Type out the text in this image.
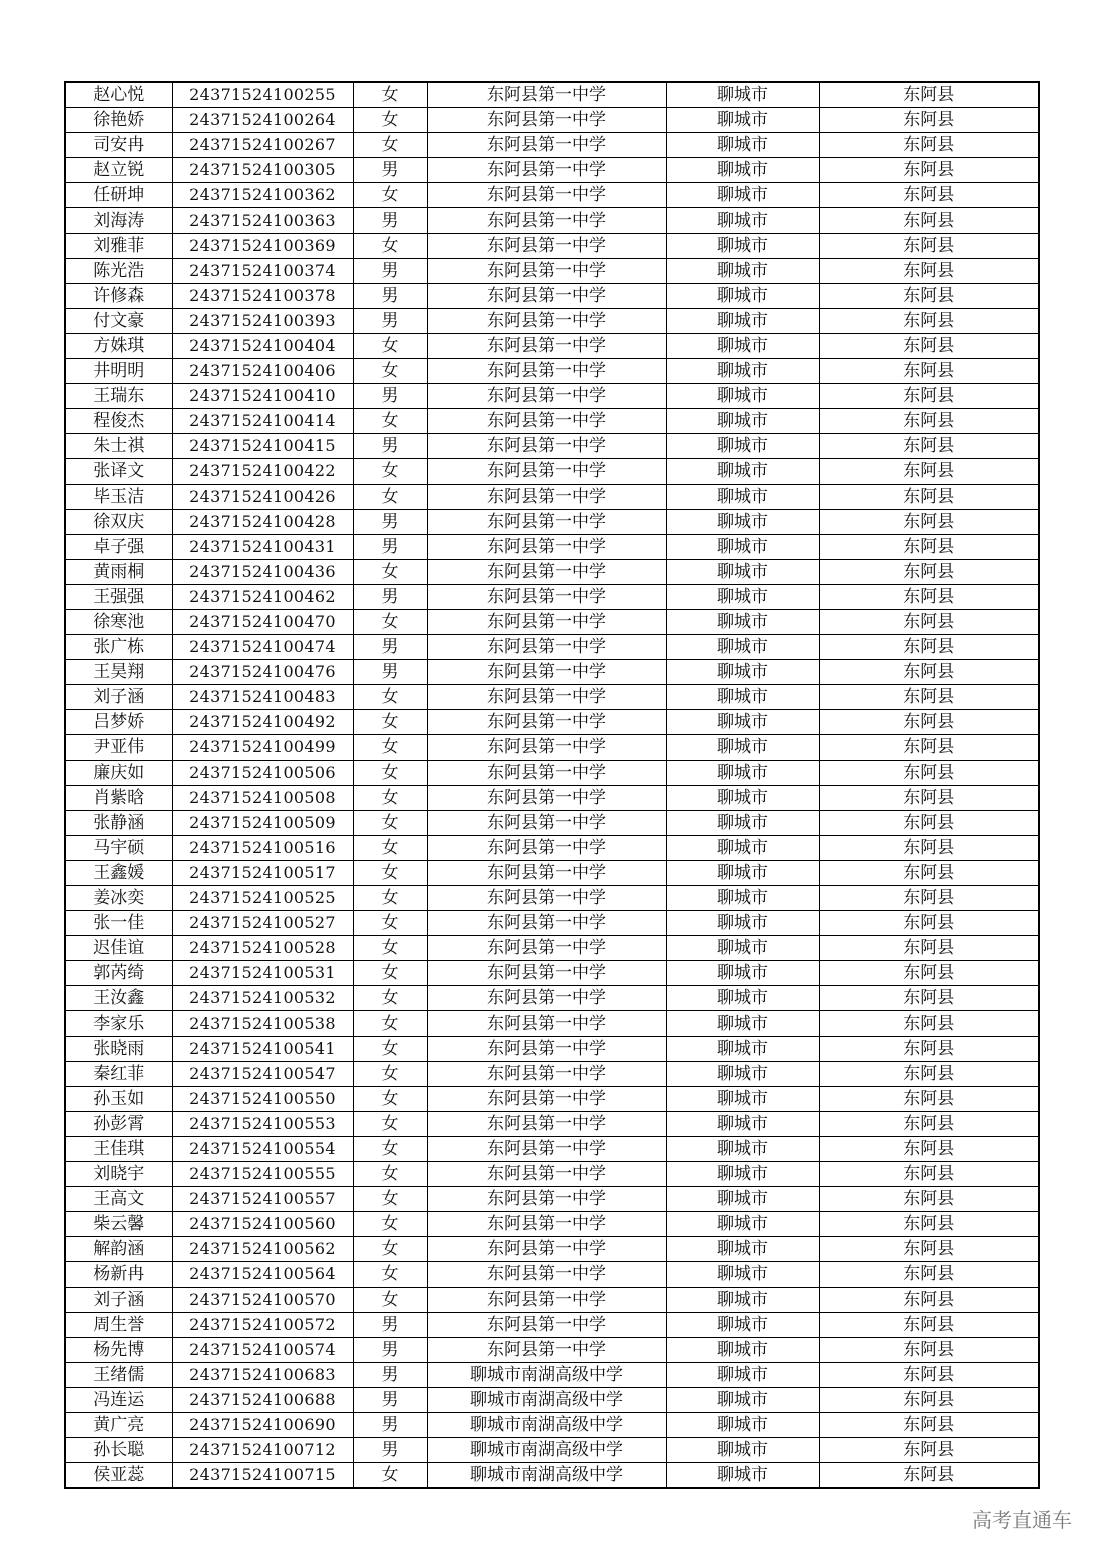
赵心悦	24371524100255	女	东阿县第一中学	聊城市	东阿县
徐艳娇	24371524100264	女	东阿县第一中学	聊城市	东阿县
司安冉	24371524100267	女	东阿县第一中学	聊城市	东阿县
赵立锐	24371524100305	男	东阿县第一中学	聊城市	东阿县
任研坤	24371524100362	女	东阿县第一中学	聊城市	东阿县
刘海涛	24371524100363	男	东阿县第一中学	聊城市	东阿县
刘雅菲	24371524100369	女	东阿县第一中学	聊城市	东阿县
陈光浩	24371524100374	男	东阿县第一中学	聊城市	东阿县
许修森	24371524100378	男	东阿县第一中学	聊城市	东阿县
付文豪	24371524100393	男	东阿县第一中学	聊城市	东阿县
方姝琪	24371524100404	女	东阿县第一中学	聊城市	东阿县
井明明	24371524100406	女	东阿县第一中学	聊城市	东阿县
王瑞东	24371524100410	男	东阿县第一中学	聊城市	东阿县
程俊杰	24371524100414	女	东阿县第一中学	聊城市	东阿县
朱士祺	24371524100415	男	东阿县第一中学	聊城市	东阿县
张译文	24371524100422	女	东阿县第一中学	聊城市	东阿县
毕玉洁	24371524100426	女	东阿县第一中学	聊城市	东阿县
徐双庆	24371524100428	男	东阿县第一中学	聊城市	东阿县
卓子强	24371524100431	男	东阿县第一中学	聊城市	东阿县
黄雨桐	24371524100436	女	东阿县第一中学	聊城市	东阿县
王强强	24371524100462	男	东阿县第一中学	聊城市	东阿县
徐寒池	24371524100470	女	东阿县第一中学	聊城市	东阿县
张广栋	24371524100474	男	东阿县第一中学	聊城市	东阿县
王昊翔	24371524100476	男	东阿县第一中学	聊城市	东阿县
刘子涵	24371524100483	女	东阿县第一中学	聊城市	东阿县
吕梦娇	24371524100492	女	东阿县第一中学	聊城市	东阿县
尹亚伟	24371524100499	女	东阿县第一中学	聊城市	东阿县
廉庆如	24371524100506	女	东阿县第一中学	聊城市	东阿县
肖紫晗	24371524100508	女	东阿县第一中学	聊城市	东阿县
张静涵	24371524100509	女	东阿县第一中学	聊城市	东阿县
马宇硕	24371524100516	女	东阿县第一中学	聊城市	东阿县
王鑫媛	24371524100517	女	东阿县第一中学	聊城市	东阿县
姜冰奕	24371524100525	女	东阿县第一中学	聊城市	东阿县
张一佳	24371524100527	女	东阿县第一中学	聊城市	东阿县
迟佳谊	24371524100528	女	东阿县第一中学	聊城市	东阿县
郭芮绮	24371524100531	女	东阿县第一中学	聊城市	东阿县
王汝鑫	24371524100532	女	东阿县第一中学	聊城市	东阿县
李家乐	24371524100538	女	东阿县第一中学	聊城市	东阿县
张晓雨	24371524100541	女	东阿县第一中学	聊城市	东阿县
秦红菲	24371524100547	女	东阿县第一中学	聊城市	东阿县
孙玉如	24371524100550	女	东阿县第一中学	聊城市	东阿县
孙彭霄	24371524100553	女	东阿县第一中学	聊城市	东阿县
王佳琪	24371524100554	女	东阿县第一中学	聊城市	东阿县
刘晓宇	24371524100555	女	东阿县第一中学	聊城市	东阿县
王高文	24371524100557	女	东阿县第一中学	聊城市	东阿县
柴云馨	24371524100560	女	东阿县第一中学	聊城市	东阿县
解韵涵	24371524100562	女	东阿县第一中学	聊城市	东阿县
杨新冉	24371524100564	女	东阿县第一中学	聊城市	东阿县
刘子涵	24371524100570	女	东阿县第一中学	聊城市	东阿县
周生誉	24371524100572	男	东阿县第一中学	聊城市	东阿县
杨先博	24371524100574	男	东阿县第一中学	聊城市	东阿县
王绪儒	24371524100683	男	聊城市南湖高级中学	聊城市	东阿县
冯连运	24371524100688	男	聊城市南湖高级中学	聊城市	东阿县
黄广亮	24371524100690	男	聊城市南湖高级中学	聊城市	东阿县
孙长聪	24371524100712	男	聊城市南湖高级中学	聊城市	东阿县
侯亚蕊	24371524100715	女	聊城市南湖高级中学	聊城市	东阿县
高考直通车
